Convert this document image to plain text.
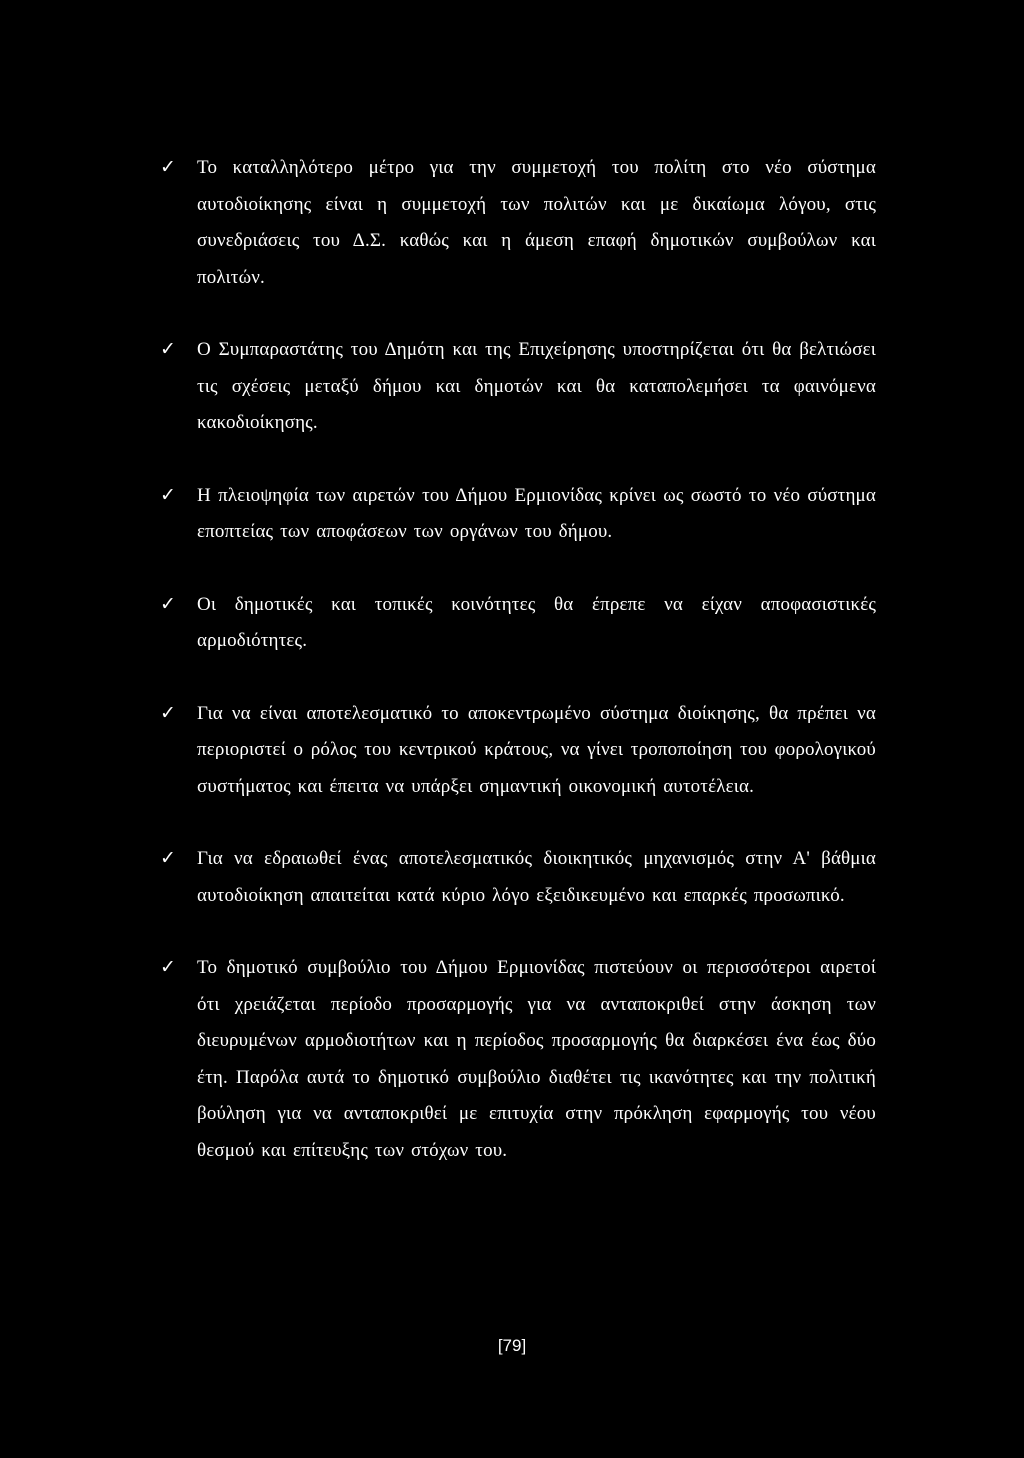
✓ Το καταλληλότερο μέτρο για την συμμετοχή του πολίτη στο νέο σύστημα αυτοδιοίκησης είναι η συμμετοχή των πολιτών και με δικαίωμα λόγου, στις συνεδριάσεις του Δ.Σ. καθώς και η άμεση επαφή δημοτικών συμβούλων και πολιτών.
✓ Ο Συμπαραστάτης του Δημότη και της Επιχείρησης υποστηρίζεται ότι θα βελτιώσει τις σχέσεις μεταξύ δήμου και δημοτών και θα καταπολεμήσει τα φαινόμενα κακοδιοίκησης.
✓ Η πλειοψηφία των αιρετών του Δήμου Ερμιονίδας κρίνει ως σωστό το νέο σύστημα εποπτείας των αποφάσεων των οργάνων του δήμου.
✓ Οι δημοτικές και τοπικές κοινότητες θα έπρεπε να είχαν αποφασιστικές αρμοδιότητες.
✓ Για να είναι αποτελεσματικό το αποκεντρωμένο σύστημα διοίκησης, θα πρέπει να περιοριστεί ο ρόλος του κεντρικού κράτους, να γίνει τροποποίηση του φορολογικού συστήματος και έπειτα να υπάρξει σημαντική οικονομική αυτοτέλεια.
✓ Για να εδραιωθεί ένας αποτελεσματικός διοικητικός μηχανισμός στην Α' βάθμια αυτοδιοίκηση απαιτείται κατά κύριο λόγο εξειδικευμένο και επαρκές προσωπικό.
✓ Το δημοτικό συμβούλιο του Δήμου Ερμιονίδας πιστεύουν οι περισσότεροι αιρετοί ότι χρειάζεται περίοδο προσαρμογής για να ανταποκριθεί στην άσκηση των διευρυμένων αρμοδιοτήτων και η περίοδος προσαρμογής θα διαρκέσει ένα έως δύο έτη. Παρόλα αυτά το δημοτικό συμβούλιο διαθέτει τις ικανότητες και την πολιτική βούληση για να ανταποκριθεί με επιτυχία στην πρόκληση εφαρμογής του νέου θεσμού και επίτευξης των στόχων του.
[79]
